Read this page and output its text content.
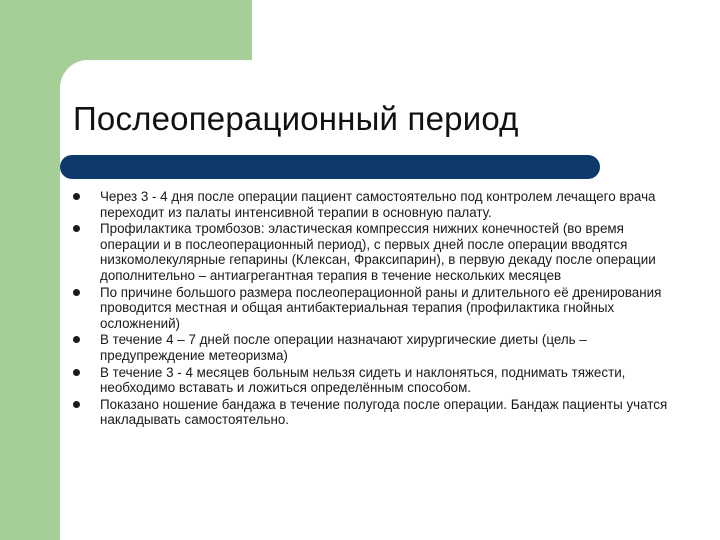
Послеоперационный период
Через 3 - 4 дня после операции пациент самостоятельно под контролем лечащего врача переходит из палаты интенсивной терапии в основную палату.
Профилактика тромбозов: эластическая компрессия нижних конечностей (во время операции и в послеоперационный период), с первых дней после операции вводятся низкомолекулярные гепарины (Клексан, Фраксипарин), в первую декаду после операции дополнительно – антиагрегантная терапия в течение нескольких месяцев
По причине большого размера послеоперационной раны и длительного её дренирования проводится местная и общая антибактериальная терапия (профилактика гнойных осложнений)
В течение 4 – 7 дней после операции назначают хирургические диеты (цель – предупреждение метеоризма)
В течение 3 - 4 месяцев больным нельзя сидеть и наклоняться, поднимать тяжести, необходимо вставать и ложиться определённым способом.
Показано ношение бандажа в течение полугода после операции. Бандаж пациенты учатся накладывать самостоятельно.
